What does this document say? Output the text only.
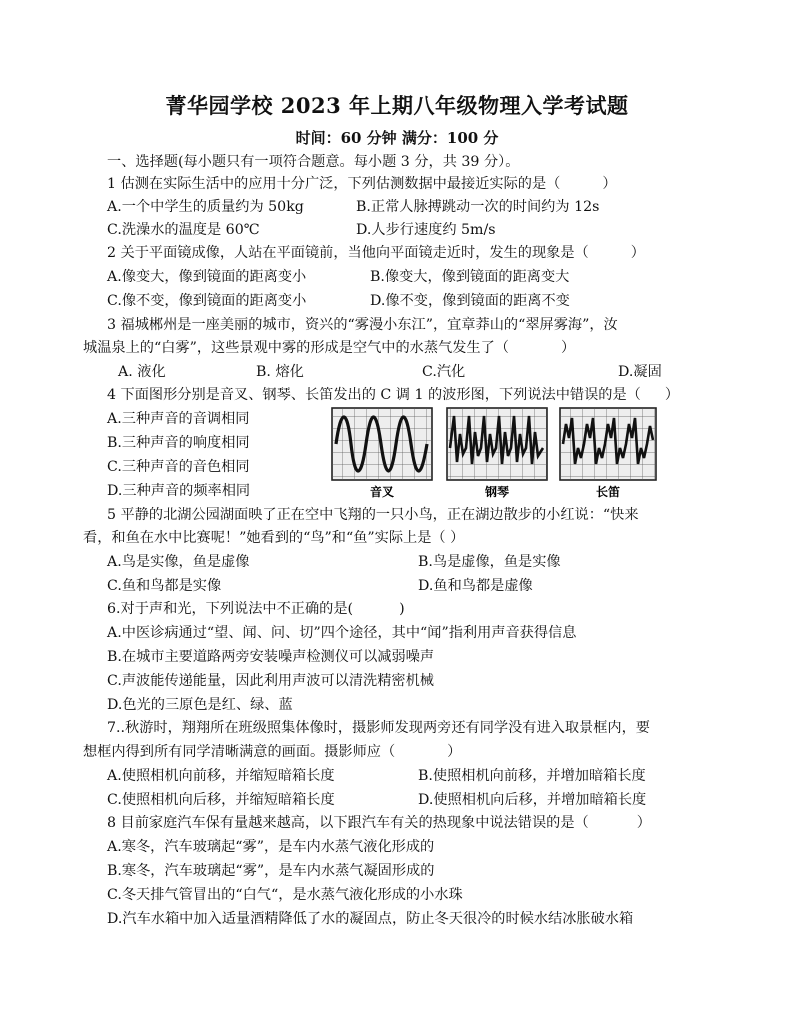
菁华园学校 2023 年上期八年级物理入学考试题
时间：60 分钟 满分：100 分
一、选择题(每小题只有一项符合题意。每小题 3 分，共 39 分）。
1 估测在实际生活中的应用十分广泛，下列估测数据中最接近实际的是（	）
A.一个中学生的质量约为 50kg	B.正常人脉搏跳动一次的时间约为 12s
C.洗澡水的温度是 60℃	D.人步行速度约 5m/s
2 关于平面镜成像，人站在平面镜前，当他向平面镜走近时，发生的现象是（	）
A.像变大，像到镜面的距离变小	B.像变大，像到镜面的距离变大
C.像不变，像到镜面的距离变小	D.像不变，像到镜面的距离不变
3 福城郴州是一座美丽的城市，资兴的“雾漫小东江”，宜章莽山的“翠屏雾海”，汝
城温泉上的“白雾”，这些景观中雾的形成是空气中的水蒸气发生了（	）
A. 液化	B. 熔化	C.汽化	D.凝固
4 下面图形分别是音叉、钢琴、长笛发出的 C 调 1 的波形图，下列说法中错误的是（ ）
A.三种声音的音调相同
B.三种声音的响度相同
C.三种声音的音色相同
D.三种声音的频率相同	音叉	钢琴	长笛
5 平静的北湖公园湖面映了正在空中飞翔的一只小鸟，正在湖边散步的小红说：“快来
看，和鱼在水中比赛呢！”她看到的“鸟”和“鱼”实际上是（ ）
A.鸟是实像，鱼是虚像	B.鸟是虚像，鱼是实像
C.鱼和鸟都是实像	D.鱼和鸟都是虚像
6.对于声和光，下列说法中不正确的是(	)
A.中医诊病通过“望、闻、问、切”四个途径，其中“闻”指利用声音获得信息
B.在城市主要道路两旁安装噪声检测仪可以减弱噪声
C.声波能传递能量，因此利用声波可以清洗精密机械
D.色光的三原色是红、绿、蓝
7..秋游时，翔翔所在班级照集体像时，摄影师发现两旁还有同学没有进入取景框内，要
想框内得到所有同学清晰满意的画面。摄影师应（	）
A.使照相机向前移，并缩短暗箱长度	B.使照相机向前移，并增加暗箱长度
C.使照相机向后移，并缩短暗箱长度	D.使照相机向后移，并增加暗箱长度
8 目前家庭汽车保有量越来越高，以下跟汽车有关的热现象中说法错误的是（	）
A.寒冬，汽车玻璃起“雾”，是车内水蒸气液化形成的
B.寒冬，汽车玻璃起“雾”，是车内水蒸气凝固形成的
C.冬天排气管冒出的“白气“，是水蒸气液化形成的小水珠
D.汽车水箱中加入适量酒精降低了水的凝固点，防止冬天很冷的时候水结冰胀破水箱
